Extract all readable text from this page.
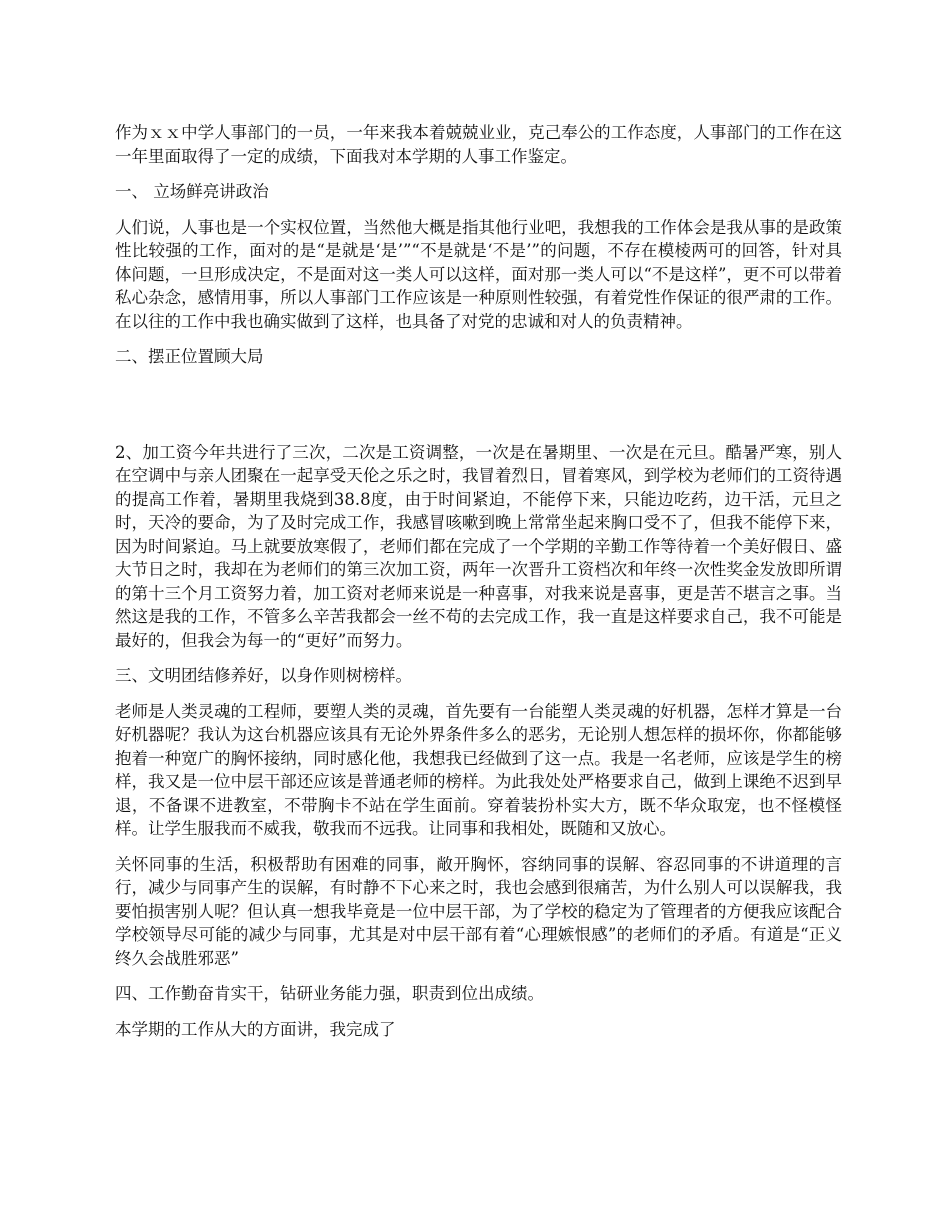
作为ｘｘ中学人事部门的一员，一年来我本着兢兢业业，克己奉公的工作态度，人事部门的工作在这一年里面取得了一定的成绩，下面我对本学期的人事工作鉴定。

一、 立场鲜亮讲政治

人们说，人事也是一个实权位置，当然他大概是指其他行业吧，我想我的工作体会是我从事的是政策性比较强的工作，面对的是“是就是‘是’”“不是就是‘不是’”的问题，不存在模棱两可的回答，针对具体问题，一旦形成决定，不是面对这一类人可以这样，面对那一类人可以“不是这样”，更不可以带着私心杂念，感情用事，所以人事部门工作应该是一种原则性较强，有着党性作保证的很严肃的工作。在以往的工作中我也确实做到了这样，也具备了对党的忠诚和对人的负责精神。

二、摆正位置顾大局

2、加工资今年共进行了三次，二次是工资调整，一次是在暑期里、一次是在元旦。酷暑严寒，别人在空调中与亲人团聚在一起享受天伦之乐之时，我冒着烈日，冒着寒风，到学校为老师们的工资待遇的提高工作着，暑期里我烧到38.8度，由于时间紧迫，不能停下来，只能边吃药，边干活，元旦之时，天冷的要命，为了及时完成工作，我感冒咳嗽到晚上常常坐起来胸口受不了，但我不能停下来，因为时间紧迫。马上就要放寒假了，老师们都在完成了一个学期的辛勤工作等待着一个美好假日、盛大节日之时，我却在为老师们的第三次加工资，两年一次晋升工资档次和年终一次性奖金发放即所谓的第十三个月工资努力着，加工资对老师来说是一种喜事，对我来说是喜事，更是苦不堪言之事。当然这是我的工作，不管多么辛苦我都会一丝不苟的去完成工作，我一直是这样要求自己，我不可能是最好的，但我会为每一的“更好”而努力。

三、文明团结修养好，以身作则树榜样。

老师是人类灵魂的工程师，要塑人类的灵魂，首先要有一台能塑人类灵魂的好机器，怎样才算是一台好机器呢？我认为这台机器应该具有无论外界条件多么的恶劣，无论别人想怎样的损坏你，你都能够抱着一种宽广的胸怀接纳，同时感化他，我想我已经做到了这一点。我是一名老师，应该是学生的榜样，我又是一位中层干部还应该是普通老师的榜样。为此我处处严格要求自己，做到上课绝不迟到早退，不备课不进教室，不带胸卡不站在学生面前。穿着装扮朴实大方，既不华众取宠，也不怪模怪样。让学生服我而不威我，敬我而不远我。让同事和我相处，既随和又放心。

关怀同事的生活，积极帮助有困难的同事，敞开胸怀，容纳同事的误解、容忍同事的不讲道理的言行，减少与同事产生的误解，有时静不下心来之时，我也会感到很痛苦，为什么别人可以误解我，我要怕损害别人呢？但认真一想我毕竟是一位中层干部，为了学校的稳定为了管理者的方便我应该配合学校领导尽可能的减少与同事，尤其是对中层干部有着“心理嫉恨感”的老师们的矛盾。有道是“正义终久会战胜邪恶”

四、工作勤奋肯实干，钻研业务能力强，职责到位出成绩。

本学期的工作从大的方面讲，我完成了
